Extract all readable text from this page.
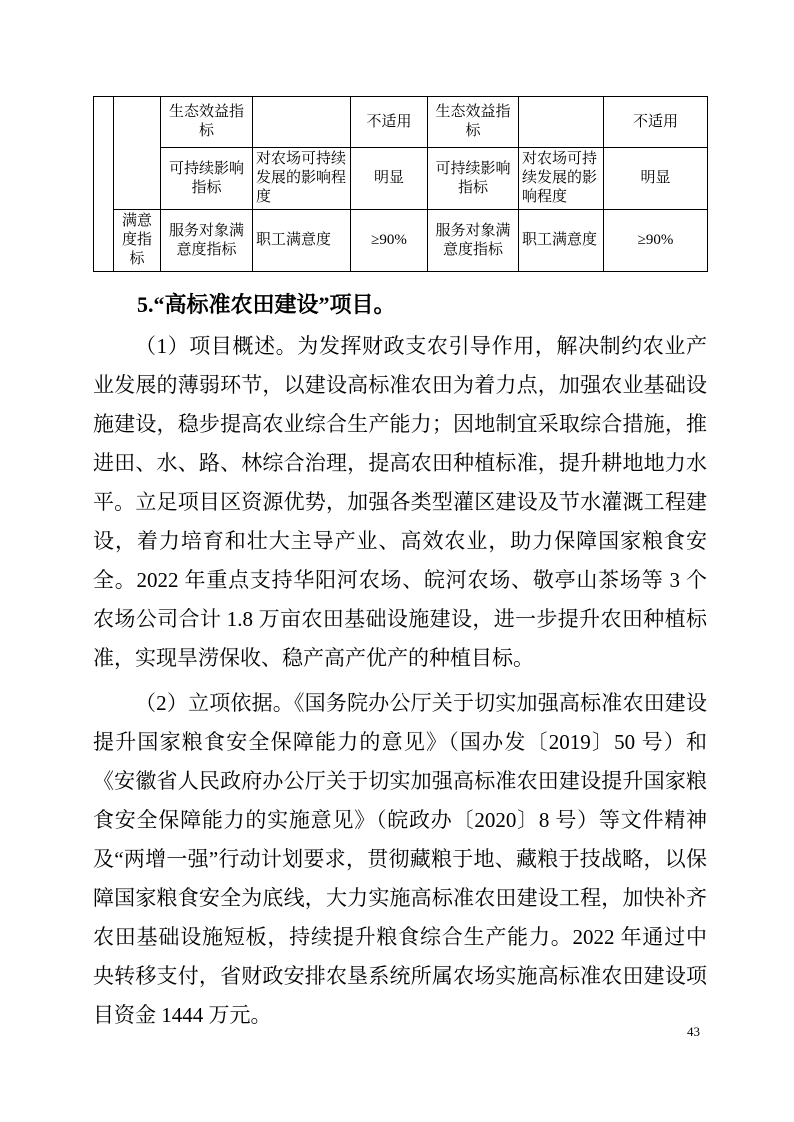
		生态效益指标		不适用	生态效益指标		不适用
		可持续影响指标	对农场可持续发展的影响程度	明显	可持续影响指标	对农场可持续发展的影响程度	明显
	满意度指标	服务对象满意度指标	职工满意度	≥90%	服务对象满意度指标	职工满意度	≥90%
5.“高标准农田建设”项目。

（1）项目概述。为发挥财政支农引导作用，解决制约农业产业发展的薄弱环节，以建设高标准农田为着力点，加强农业基础设施建设，稳步提高农业综合生产能力；因地制宜采取综合措施，推进田、水、路、林综合治理，提高农田种植标准，提升耕地地力水平。立足项目区资源优势，加强各类型灌区建设及节水灌溉工程建设，着力培育和壮大主导产业、高效农业，助力保障国家粮食安全。2022 年重点支持华阳河农场、皖河农场、敬亭山茶场等 3 个农场公司合计 1.8 万亩农田基础设施建设，进一步提升农田种植标准，实现旱涝保收、稳产高产优产的种植目标。

（2）立项依据。《国务院办公厅关于切实加强高标准农田建设提升国家粮食安全保障能力的意见》（国办发〔2019〕50 号）和《安徽省人民政府办公厅关于切实加强高标准农田建设提升国家粮食安全保障能力的实施意见》（皖政办〔2020〕8 号）等文件精神及“两增一强”行动计划要求，贯彻藏粮于地、藏粮于技战略，以保障国家粮食安全为底线，大力实施高标准农田建设工程，加快补齐农田基础设施短板，持续提升粮食综合生产能力。2022 年通过中央转移支付，省财政安排农垦系统所属农场实施高标准农田建设项目资金 1444 万元。

43
